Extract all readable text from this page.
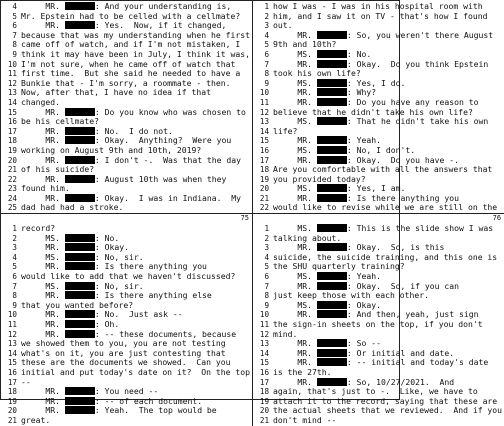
4 MR.	: And your understanding is,
5 Mr. Epstein had to be celled with a cellmate?
6 MR.	: Yes.  Now, if it changed,
7 because that was my understanding when he first
8 came off of watch, and if I'm not mistaken, I
9 think it may have been in July, I think it was,
10 I'm not sure, when he came off of watch that
11 first time.  But she said he needed to have a
12 Bunkie that - I'm sorry, a roommate - then.
13 Now, after that, I have no idea if that
14 changed.
15 MR.	: Do you know who was chosen to
16 be his cellmate?
17 MR.	: No.  I do not.
18 MR.	: Okay.  Anything?  Were you
19 working on August 9th and 10th, 2019?
20 MR.	: I don't -.  Was that the day
21 of his suicide?
22 MR.	: August 10th was when they
23 found him.
24 MR.	: Okay.  I was in Indiana.  My
25 dad had had a stroke.
1 how I was - I was in his hospital room with
2 him, and I saw it on TV - that's how I found
3 out.
4 MR.	: So, you weren't there August
5 9th and 10th?
6 MS.	: No.
7 MR.	: Okay.  Do you think Epstein
8 took his own life?
9 MS.	: Yes, I do.
10 MR.	: Why?
11 MR.	: Do you have any reason to
12 believe that he didn't take his own life?
13 MS.	: That he didn't take his own
14 life?
15 MR.	: Yeah.
16 MS.	: No, I don't.
17 MR.	: Okay.  Do you have -.
18 Are you comfortable with all the answers that
19 you provided today?
20 MS.	: Yes, I am.
21 MR.	: Is there anything you
22 would like to revise while we are still on the
75
1 record?
2 MS.	: No.
3 MR.	: Okay.
4 MS.	: No, sir.
5 MR.	: Is there anything you
6 would like to add that we haven't discussed?
7 MS.	: No, sir.
8 MR.	: Is there anything else
9 that you wanted before?
10 MR.	: No.  Just ask --
11 MR.	: Oh.
12 MR.	: -- these documents, because
13 we showed them to you, you are not testing
14 what's on it, you are just contesting that
15 these are the documents we showed.  Can you
16 initial and put today's date on it?  On the top
17 --
18 MR.	: You need --
19 MR.	: -- of each document.
20 MR.	: Yeah.  The top would be
21 great.
76
1 MS.	: This is the slide show I was
2 talking about.
3 MR.	: Okay.  So, is this
4 suicide, the suicide training, and this one is
5 the SHU quarterly training?
6 MS.	: Yeah.
7 MR.	: Okay.  So, if you can
8 just keep those with each other.
9 MS.	: Okay.
10 MR.	: And then, yeah, just sign
11 the sign-in sheets on the top, if you don't
12 mind.
13 MR.	: So --
14 MR.	: Or initial and date.
15 MR.	: -- initial and today's date
16 is the 27th.
17 MR.	: So, 10/27/2021.  And
18 again, that's just to -.  Like, we have to
19 attach it to the record, saying that these are
20 the actual sheets that we reviewed.  And if you
21 don't mind --
